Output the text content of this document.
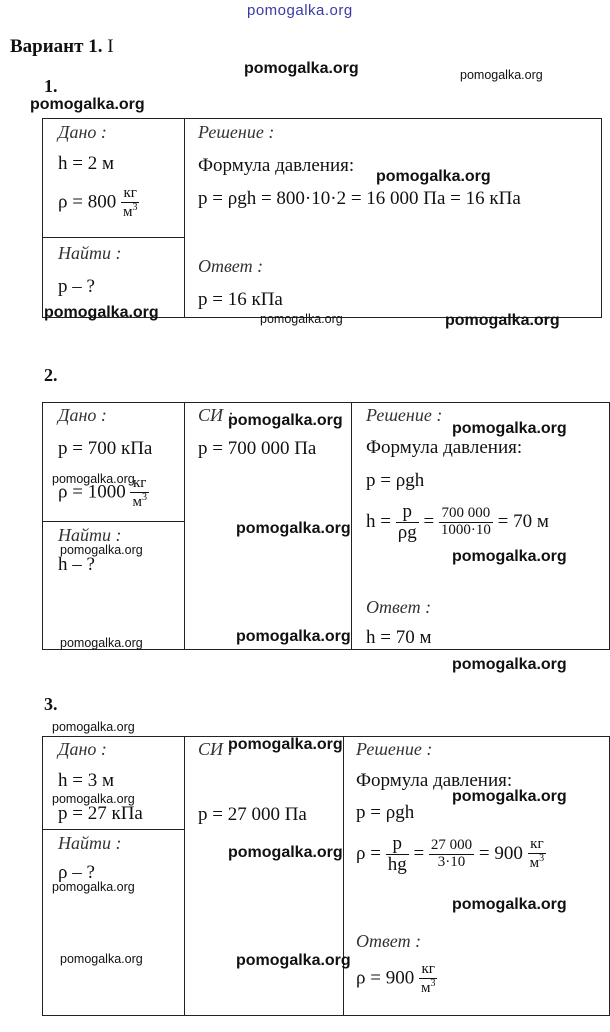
pomogalka.org
Вариант 1. I
1.
Дано :
h = 2 м
$\rho = 800 \frac{кг}{м^3}$
Найти :
p – ?
Решение :
Формула давления:
p = ρgh = 800·10·2 = 16 000 Па = 16 кПа
Ответ :
p = 16 кПа
pomogalka.org	pomogalka.org
pomogalka.org
pomogalka.org
pomogalka.org	pomogalka.org	pomogalka.org
2.
Дано :
p = 700 кПа
$\rho = 1000 \frac{кг}{м^3}$
Найти :
h – ?
СИ :
p = 700 000 Па
Решение :
Формула давления:
p = ρgh
$h = \frac{p}{\rho g} = \frac{700 000}{1000\cdot 10} = 70$ м
Ответ :
h = 70 м
pomogalka.org	pomogalka.org
pomogalka.org
pomogalka.org
pomogalka.org	pomogalka.org
pomogalka.org
pomogalka.org
pomogalka.org
3.
Дано :
h = 3 м
p = 27 кПа
Найти :
ρ – ?
СИ :
p = 27 000 Па
Решение :
Формула давления:
p = ρgh
$\rho = \frac{p}{hg} = \frac{27 000}{3\cdot 10} = 900 \frac{кг}{м^3}$
Ответ :
$\rho = 900 \frac{кг}{м^3}$
pomogalka.org
pomogalka.org
pomogalka.org
pomogalka.org
pomogalka.org
pomogalka.org
pomogalka.org
pomogalka.org	pomogalka.org
